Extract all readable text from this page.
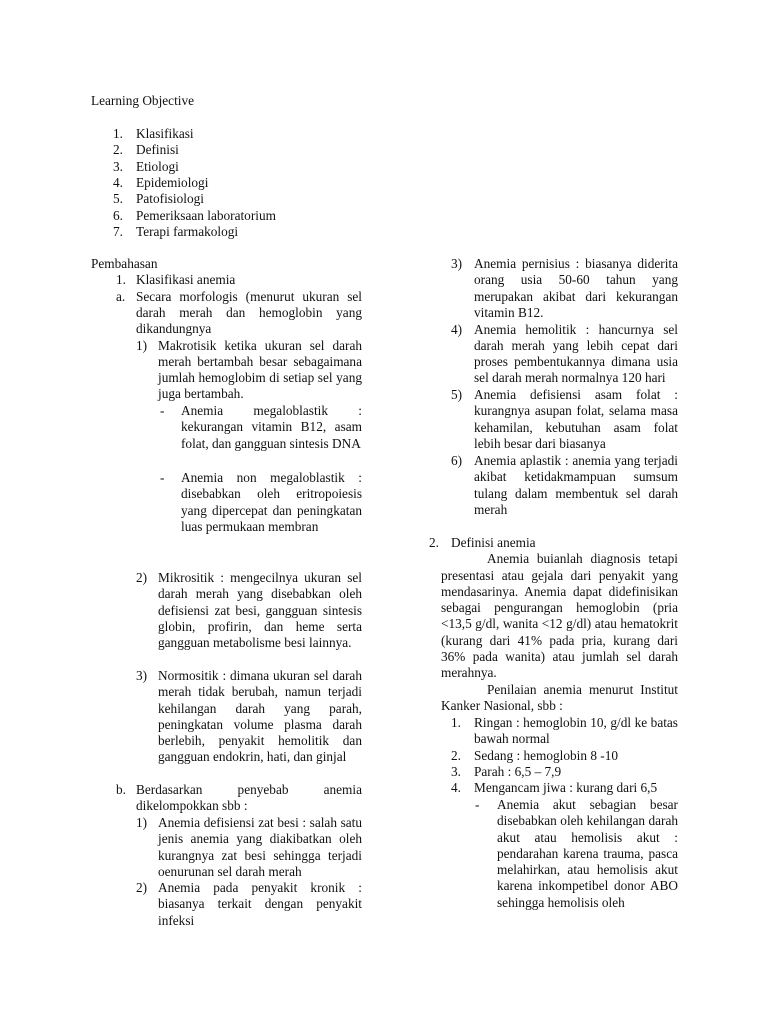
Learning Objective
1. Klasifikasi
2. Definisi
3. Etiologi
4. Epidemiologi
5. Patofisiologi
6. Pemeriksaan laboratorium
7. Terapi farmakologi
Pembahasan
1. Klasifikasi anemia
a. Secara morfologis (menurut ukuran sel darah merah dan hemoglobin yang dikandungnya

1) Makrotisik ketika ukuran sel darah merah bertambah besar sebagaimana jumlah hemoglobim di setiap sel yang juga bertambah.

- Anemia megaloblastik : kekurangan vitamin B12, asam folat, dan gangguan sintesis DNA

- Anemia non megaloblastik : disebabkan oleh eritropoiesis yang dipercepat dan peningkatan luas permukaan membran

2) Mikrositik : mengecilnya ukuran sel darah merah yang disebabkan oleh defisiensi zat besi, gangguan sintesis globin, profirin, dan heme serta gangguan metabolisme besi lainnya.

3) Normositik : dimana ukuran sel darah merah tidak berubah, namun terjadi kehilangan darah yang parah, peningkatan volume plasma darah berlebih, penyakit hemolitik dan gangguan endokrin, hati, dan ginjal

b. Berdasarkan penyebab anemia dikelompokkan sbb :

1) Anemia defisiensi zat besi : salah satu jenis anemia yang diakibatkan oleh kurangnya zat besi sehingga terjadi oenurunan sel darah merah

2) Anemia pada penyakit kronik : biasanya terkait dengan penyakit infeksi

3) Anemia pernisius : biasanya diderita orang usia 50-60 tahun yang merupakan akibat dari kekurangan vitamin B12.

4) Anemia hemolitik : hancurnya sel darah merah yang lebih cepat dari proses pembentukannya dimana usia sel darah merah normalnya 120 hari

5) Anemia defisiensi asam folat : kurangnya asupan folat, selama masa kehamilan, kebutuhan asam folat lebih besar dari biasanya

6) Anemia aplastik : anemia yang terjadi akibat ketidakmampuan sumsum tulang dalam membentuk sel darah merah

2. Definisi anemia

Anemia buianlah diagnosis tetapi presentasi atau gejala dari penyakit yang mendasarinya. Anemia dapat didefinisikan sebagai pengurangan hemoglobin (pria <13,5 g/dl, wanita <12 g/dl) atau hematokrit (kurang dari 41% pada pria, kurang dari 36% pada wanita) atau jumlah sel darah merahnya.

Penilaian anemia menurut Institut Kanker Nasional, sbb :

1. Ringan : hemoglobin 10, g/dl ke batas bawah normal

2. Sedang : hemoglobin 8 -10
3. Parah : 6,5 – 7,9
4. Mengancam jiwa : kurang dari 6,5
- Anemia akut sebagian besar disebabkan oleh kehilangan darah akut atau hemolisis akut : pendarahan karena trauma, pasca melahirkan, atau hemolisis akut karena inkompetibel donor ABO sehingga hemolisis oleh
